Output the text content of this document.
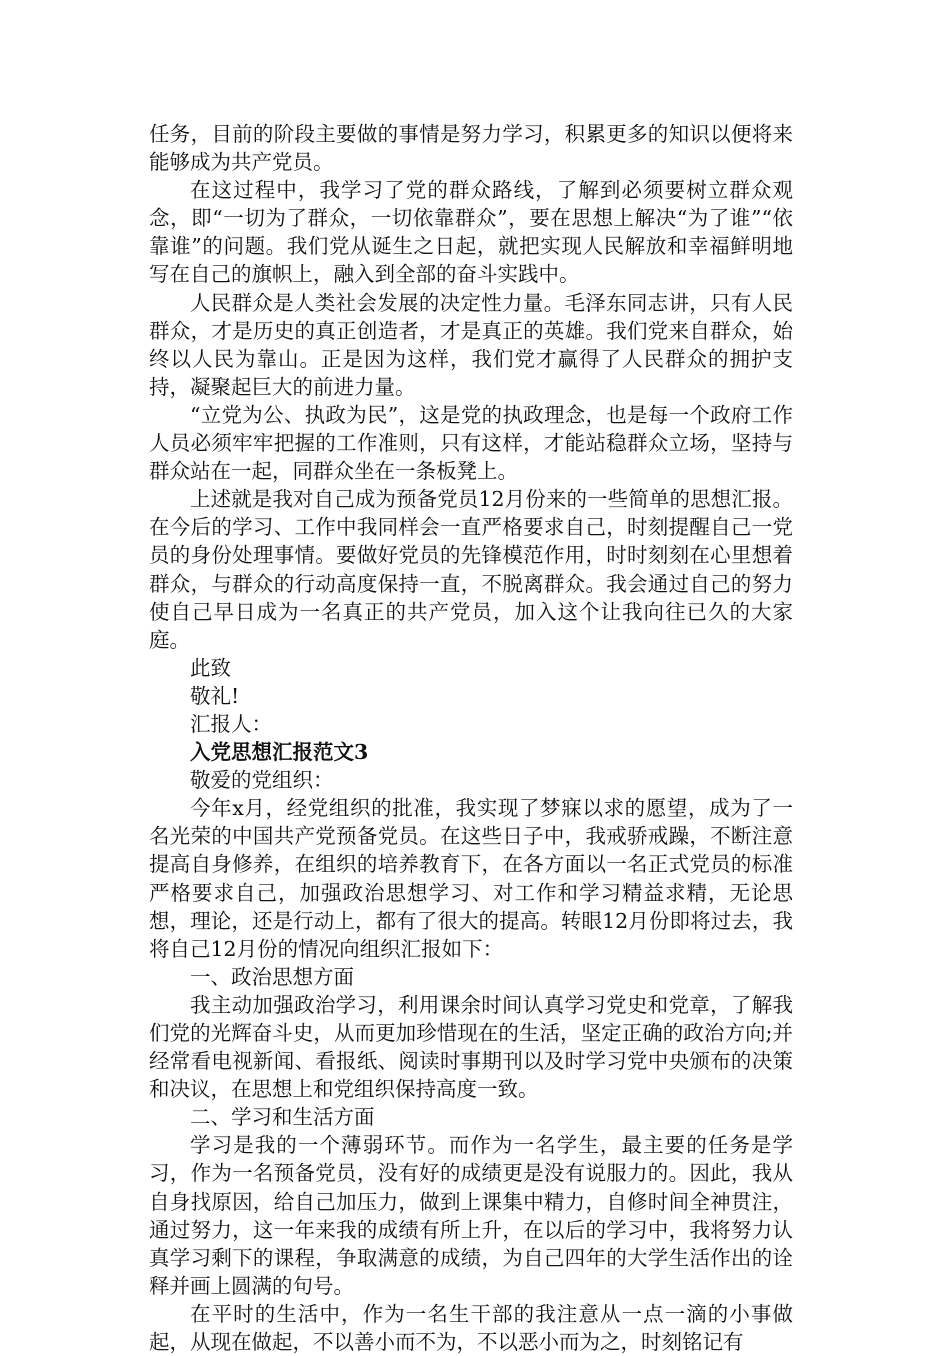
任务，目前的阶段主要做的事情是努力学习，积累更多的知识以便将来能够成为共产党员。

在这过程中，我学习了党的群众路线，了解到必须要树立群众观念，即“一切为了群众，一切依靠群众”，要在思想上解决“为了谁”“依靠谁”的问题。我们党从诞生之日起，就把实现人民解放和幸福鲜明地写在自己的旗帜上，融入到全部的奋斗实践中。

人民群众是人类社会发展的决定性力量。毛泽东同志讲，只有人民群众，才是历史的真正创造者，才是真正的英雄。我们党来自群众，始终以人民为靠山。正是因为这样，我们党才赢得了人民群众的拥护支持，凝聚起巨大的前进力量。

“立党为公、执政为民”，这是党的执政理念，也是每一个政府工作人员必须牢牢把握的工作准则，只有这样，才能站稳群众立场，坚持与群众站在一起，同群众坐在一条板凳上。

上述就是我对自己成为预备党员12月份来的一些简单的思想汇报。在今后的学习、工作中我同样会一直严格要求自己，时刻提醒自己一党员的身份处理事情。要做好党员的先锋模范作用，时时刻刻在心里想着群众，与群众的行动高度保持一直，不脱离群众。我会通过自己的努力使自己早日成为一名真正的共产党员，加入这个让我向往已久的大家庭。

此致

敬礼!

汇报人：

入党思想汇报范文3

敬爱的党组织：

今年x月，经党组织的批准，我实现了梦寐以求的愿望，成为了一名光荣的中国共产党预备党员。在这些日子中，我戒骄戒躁，不断注意提高自身修养，在组织的培养教育下，在各方面以一名正式党员的标准严格要求自己，加强政治思想学习、对工作和学习精益求精，无论思想，理论，还是行动上，都有了很大的提高。转眼12月份即将过去，我将自己12月份的情况向组织汇报如下：

一、政治思想方面

我主动加强政治学习，利用课余时间认真学习党史和党章，了解我们党的光辉奋斗史，从而更加珍惜现在的生活，坚定正确的政治方向;并经常看电视新闻、看报纸、阅读时事期刊以及时学习党中央颁布的决策和决议，在思想上和党组织保持高度一致。

二、学习和生活方面

学习是我的一个薄弱环节。而作为一名学生，最主要的任务是学习，作为一名预备党员，没有好的成绩更是没有说服力的。因此，我从自身找原因，给自己加压力，做到上课集中精力，自修时间全神贯注，通过努力，这一年来我的成绩有所上升，在以后的学习中，我将努力认真学习剩下的课程，争取满意的成绩，为自己四年的大学生活作出的诠释并画上圆满的句号。

在平时的生活中，作为一名生干部的我注意从一点一滴的小事做起，从现在做起，不以善小而不为，不以恶小而为之，时刻铭记有
